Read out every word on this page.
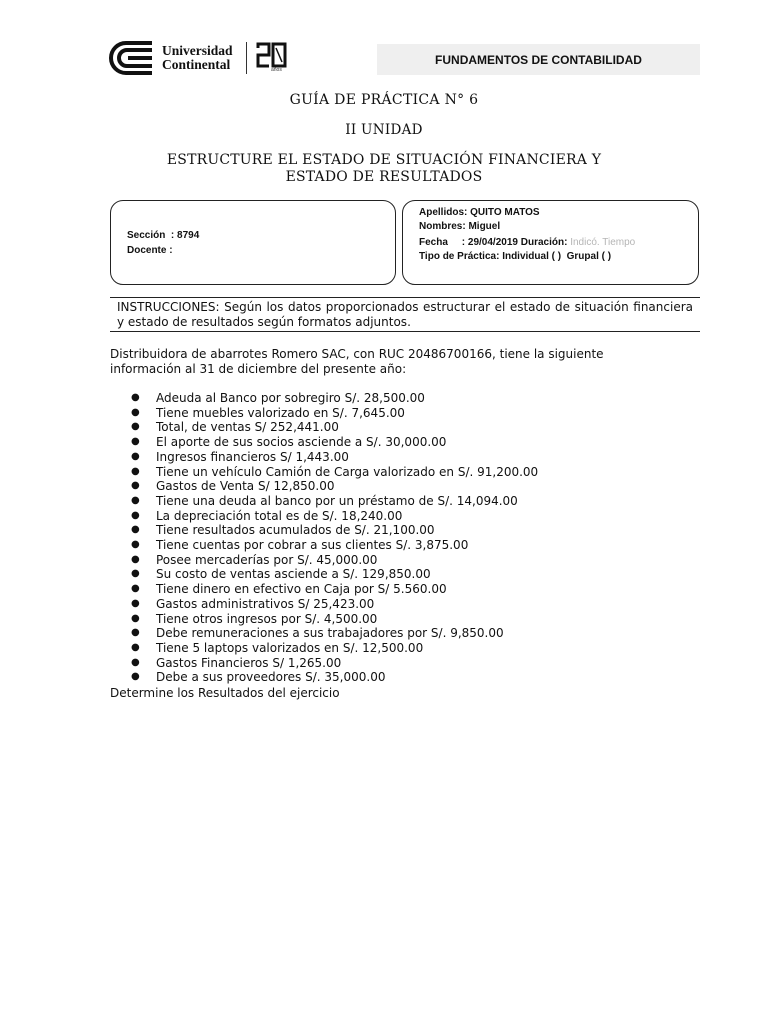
Universidad
Continental	años
FUNDAMENTOS DE CONTABILIDAD
GUÍA DE PRÁCTICA N° 6
II UNIDAD
ESTRUCTURE EL ESTADO DE SITUACIÓN FINANCIERA Y
ESTADO DE RESULTADOS
Sección  : 8794
Docente :
Apellidos: QUITO MATOS
Nombres: Miguel
Fecha     : 29/04/2019 Duración: Indicó. Tiempo
Tipo de Práctica: Individual ( ) Grupal ( )
INSTRUCCIONES: Según los datos proporcionados estructurar el estado de situación financiera y estado de resultados según formatos adjuntos.
Distribuidora de abarrotes Romero SAC, con RUC 20486700166, tiene la siguiente
información al 31 de diciembre del presente año:
● Adeuda al Banco por sobregiro S/. 28,500.00
● Tiene muebles valorizado en S/. 7,645.00
● Total, de ventas S/ 252,441.00
● El aporte de sus socios asciende a S/. 30,000.00
● Ingresos financieros S/ 1,443.00
● Tiene un vehículo Camión de Carga valorizado en S/. 91,200.00
● Gastos de Venta S/ 12,850.00
● Tiene una deuda al banco por un préstamo de S/. 14,094.00
● La depreciación total es de S/. 18,240.00
● Tiene resultados acumulados de S/. 21,100.00
● Tiene cuentas por cobrar a sus clientes S/. 3,875.00
● Posee mercaderías por S/. 45,000.00
● Su costo de ventas asciende a S/. 129,850.00
● Tiene dinero en efectivo en Caja por S/ 5.560.00
● Gastos administrativos S/ 25,423.00
● Tiene otros ingresos por S/. 4,500.00
● Debe remuneraciones a sus trabajadores por S/. 9,850.00
● Tiene 5 laptops valorizados en S/. 12,500.00
● Gastos Financieros S/ 1,265.00
● Debe a sus proveedores S/. 35,000.00
Determine los Resultados del ejercicio
